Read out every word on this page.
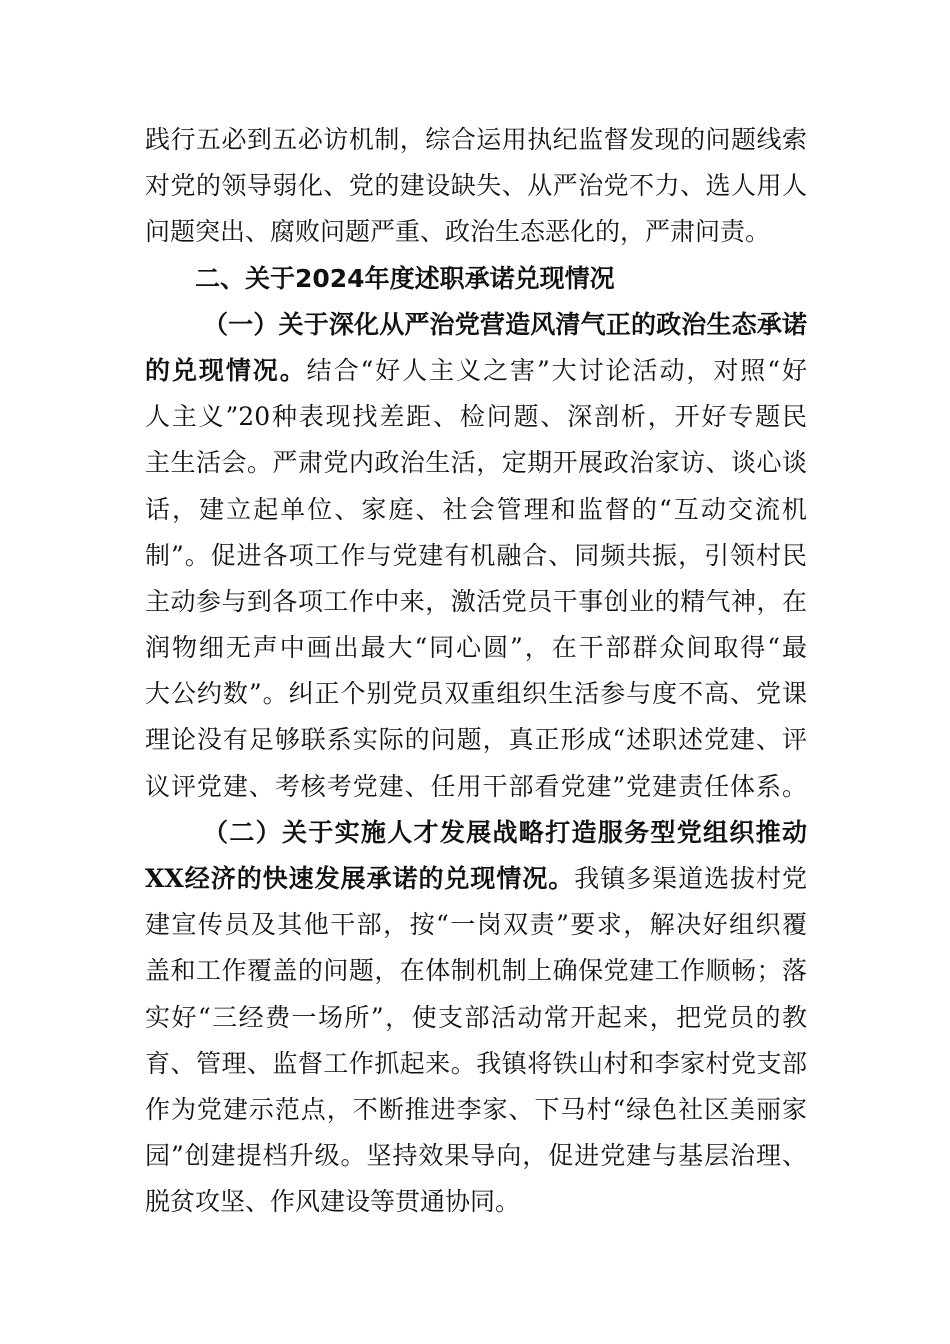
践行五必到五必访机制，综合运用执纪监督发现的问题线索
对党的领导弱化、党的建设缺失、从严治党不力、选人用人
问题突出、腐败问题严重、政治生态恶化的，严肃问责。
二、关于2024年度述职承诺兑现情况
（一）关于深化从严治党营造风清气正的政治生态承诺
的兑现情况。结合“好人主义之害”大讨论活动，对照“好
人主义”20种表现找差距、检问题、深剖析，开好专题民
主生活会。严肃党内政治生活，定期开展政治家访、谈心谈
话，建立起单位、家庭、社会管理和监督的“互动交流机
制”。促进各项工作与党建有机融合、同频共振，引领村民
主动参与到各项工作中来，激活党员干事创业的精气神，在
润物细无声中画出最大“同心圆”，在干部群众间取得“最
大公约数”。纠正个别党员双重组织生活参与度不高、党课
理论没有足够联系实际的问题，真正形成“述职述党建、评
议评党建、考核考党建、任用干部看党建”党建责任体系。
（二）关于实施人才发展战略打造服务型党组织推动
XX经济的快速发展承诺的兑现情况。我镇多渠道选拔村党
建宣传员及其他干部，按“一岗双责”要求，解决好组织覆
盖和工作覆盖的问题，在体制机制上确保党建工作顺畅；落
实好“三经费一场所”，使支部活动常开起来，把党员的教
育、管理、监督工作抓起来。我镇将铁山村和李家村党支部
作为党建示范点，不断推进李家、下马村“绿色社区美丽家
园”创建提档升级。坚持效果导向，促进党建与基层治理、
脱贫攻坚、作风建设等贯通协同。
